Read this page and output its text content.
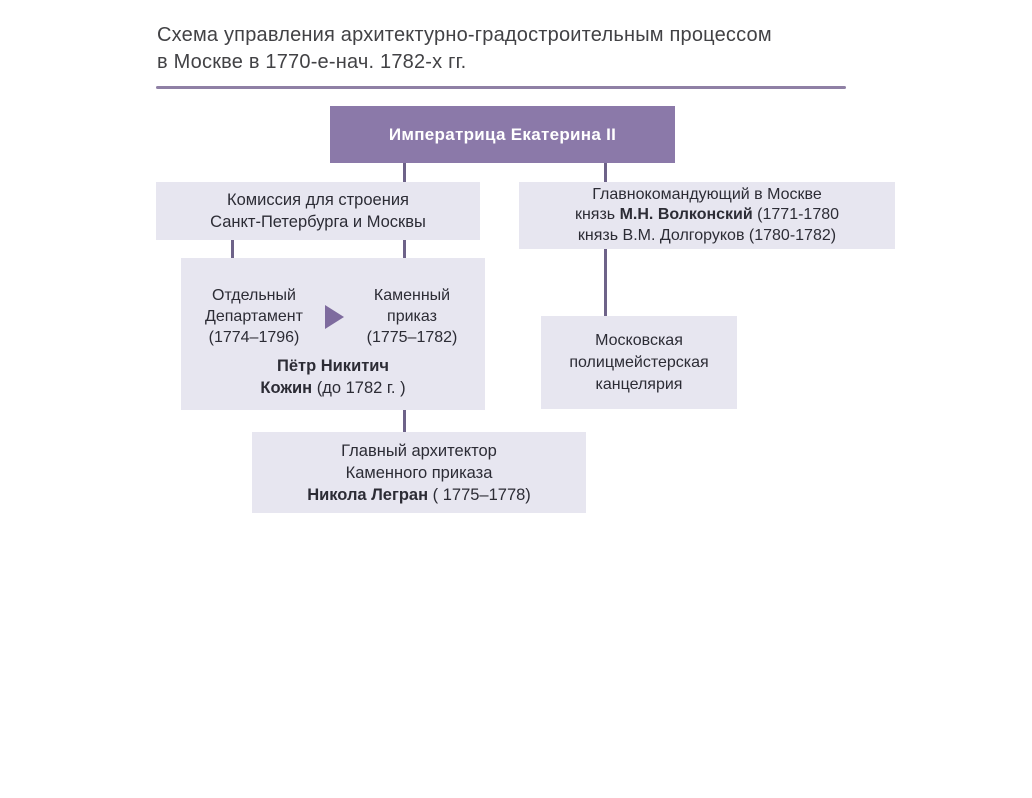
Схема управления архитектурно-градостроительным процессом
в Москве в 1770-е-нач. 1782-х гг.
Императрица Екатерина II
Комиссия для строения
Санкт-Петербурга и Москвы
Главнокомандующий в Москве
князь М.Н. Волконский (1771-1780
князь В.М. Долгоруков (1780-1782)
Отдельный
Департамент
(1774–1796)
Каменный
приказ
(1775–1782)
Пётр Никитич
Кожин (до 1782 г. )
Московская
полицмейстерская
канцелярия
Главный архитектор
Каменного приказа
Никола Легран ( 1775–1778)
